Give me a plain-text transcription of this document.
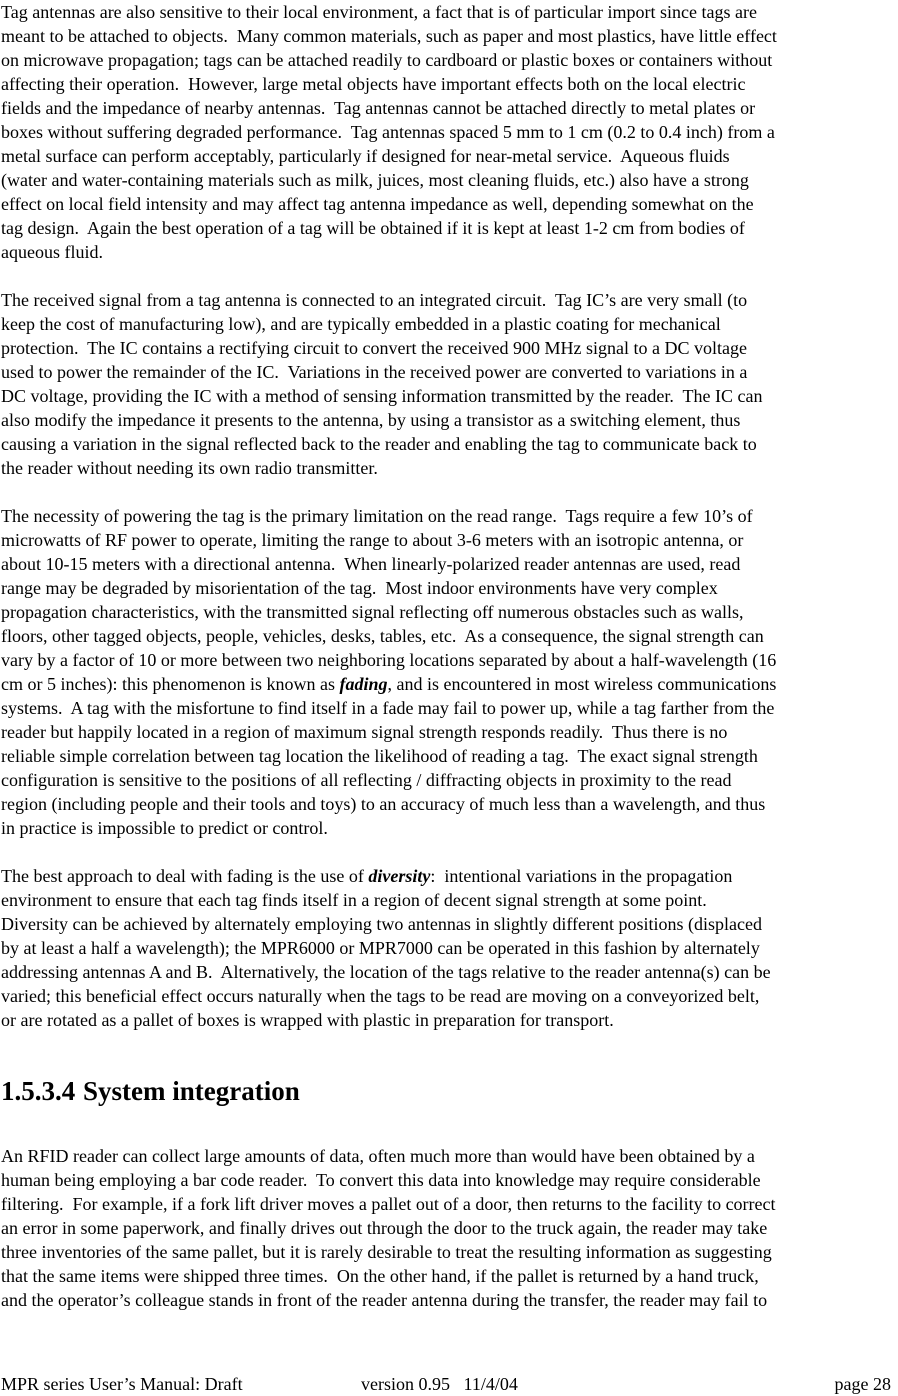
Tag antennas are also sensitive to their local environment, a fact that is of particular import since tags are
meant to be attached to objects.  Many common materials, such as paper and most plastics, have little effect
on microwave propagation; tags can be attached readily to cardboard or plastic boxes or containers without
affecting their operation.  However, large metal objects have important effects both on the local electric
fields and the impedance of nearby antennas.  Tag antennas cannot be attached directly to metal plates or
boxes without suffering degraded performance.  Tag antennas spaced 5 mm to 1 cm (0.2 to 0.4 inch) from a
metal surface can perform acceptably, particularly if designed for near-metal service.  Aqueous fluids
(water and water-containing materials such as milk, juices, most cleaning fluids, etc.) also have a strong
effect on local field intensity and may affect tag antenna impedance as well, depending somewhat on the
tag design.  Again the best operation of a tag will be obtained if it is kept at least 1-2 cm from bodies of
aqueous fluid.
The received signal from a tag antenna is connected to an integrated circuit.  Tag IC’s are very small (to
keep the cost of manufacturing low), and are typically embedded in a plastic coating for mechanical
protection.  The IC contains a rectifying circuit to convert the received 900 MHz signal to a DC voltage
used to power the remainder of the IC.  Variations in the received power are converted to variations in a
DC voltage, providing the IC with a method of sensing information transmitted by the reader.  The IC can
also modify the impedance it presents to the antenna, by using a transistor as a switching element, thus
causing a variation in the signal reflected back to the reader and enabling the tag to communicate back to
the reader without needing its own radio transmitter.
The necessity of powering the tag is the primary limitation on the read range.  Tags require a few 10’s of
microwatts of RF power to operate, limiting the range to about 3-6 meters with an isotropic antenna, or
about 10-15 meters with a directional antenna.  When linearly-polarized reader antennas are used, read
range may be degraded by misorientation of the tag.  Most indoor environments have very complex
propagation characteristics, with the transmitted signal reflecting off numerous obstacles such as walls,
floors, other tagged objects, people, vehicles, desks, tables, etc.  As a consequence, the signal strength can
vary by a factor of 10 or more between two neighboring locations separated by about a half-wavelength (16
cm or 5 inches): this phenomenon is known as fading, and is encountered in most wireless communications
systems.  A tag with the misfortune to find itself in a fade may fail to power up, while a tag farther from the
reader but happily located in a region of maximum signal strength responds readily.  Thus there is no
reliable simple correlation between tag location the likelihood of reading a tag.  The exact signal strength
configuration is sensitive to the positions of all reflecting / diffracting objects in proximity to the read
region (including people and their tools and toys) to an accuracy of much less than a wavelength, and thus
in practice is impossible to predict or control.
The best approach to deal with fading is the use of diversity:  intentional variations in the propagation
environment to ensure that each tag finds itself in a region of decent signal strength at some point.
Diversity can be achieved by alternately employing two antennas in slightly different positions (displaced
by at least a half a wavelength); the MPR6000 or MPR7000 can be operated in this fashion by alternately
addressing antennas A and B.  Alternatively, the location of the tags relative to the reader antenna(s) can be
varied; this beneficial effect occurs naturally when the tags to be read are moving on a conveyorized belt,
or are rotated as a pallet of boxes is wrapped with plastic in preparation for transport.
1.5.3.4 System integration
An RFID reader can collect large amounts of data, often much more than would have been obtained by a
human being employing a bar code reader.  To convert this data into knowledge may require considerable
filtering.  For example, if a fork lift driver moves a pallet out of a door, then returns to the facility to correct
an error in some paperwork, and finally drives out through the door to the truck again, the reader may take
three inventories of the same pallet, but it is rarely desirable to treat the resulting information as suggesting
that the same items were shipped three times.  On the other hand, if the pallet is returned by a hand truck,
and the operator’s colleague stands in front of the reader antenna during the transfer, the reader may fail to
MPR series User’s Manual: Draft	version 0.95   11/4/04	page 28
